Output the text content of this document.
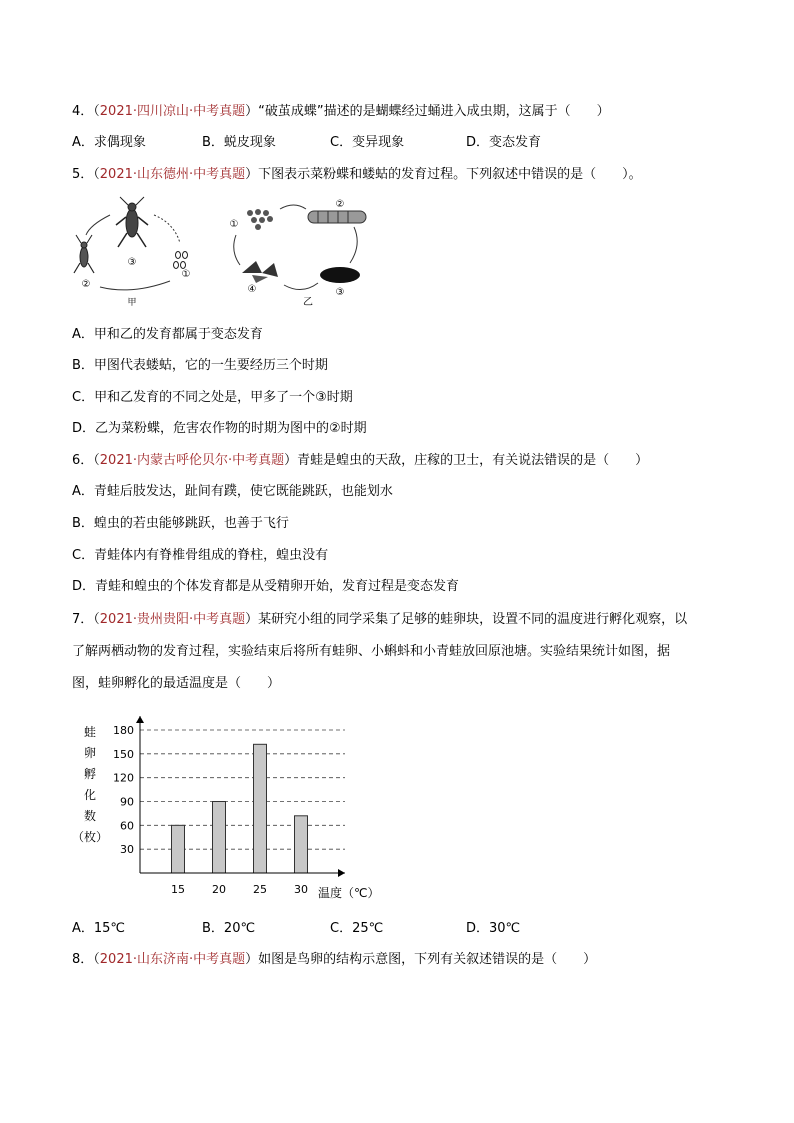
4．（2021·四川凉山·中考真题）“破茧成蝶”描述的是蝴蝶经过蛹进入成虫期，这属于（　　）
A．求偶现象	B．蜕皮现象	C．变异现象	D．变态发育
5．（2021·山东德州·中考真题）下图表示菜粉蝶和蝼蛄的发育过程。下列叙述中错误的是（　　）。
③
②
①
甲
①
②
③
④
乙
A．甲和乙的发育都属于变态发育
B．甲图代表蝼蛄，它的一生要经历三个时期
C．甲和乙发育的不同之处是，甲多了一个③时期
D．乙为菜粉蝶，危害农作物的时期为图中的②时期
6．（2021·内蒙古呼伦贝尔·中考真题）青蛙是蝗虫的天敌，庄稼的卫士，有关说法错误的是（　　）
A．青蛙后肢发达，趾间有蹼，使它既能跳跃，也能划水
B．蝗虫的若虫能够跳跃，也善于飞行
C．青蛙体内有脊椎骨组成的脊柱，蝗虫没有
D．青蛙和蝗虫的个体发育都是从受精卵开始，发育过程是变态发育
7．（2021·贵州贵阳·中考真题）某研究小组的同学采集了足够的蛙卵块，设置不同的温度进行孵化观察，以
了解两栖动物的发育过程，实验结束后将所有蛙卵、小蝌蚪和小青蛙放回原池塘。实验结果统计如图，据
图，蛙卵孵化的最适温度是（　　）
蛙
卵
孵
化
数
（枚）
30
60
90
120
150
180
15 20 25 30 温度（℃）
A．15℃	B．20℃	C．25℃	D．30℃
8．（2021·山东济南·中考真题）如图是鸟卵的结构示意图，下列有关叙述错误的是（　　）
